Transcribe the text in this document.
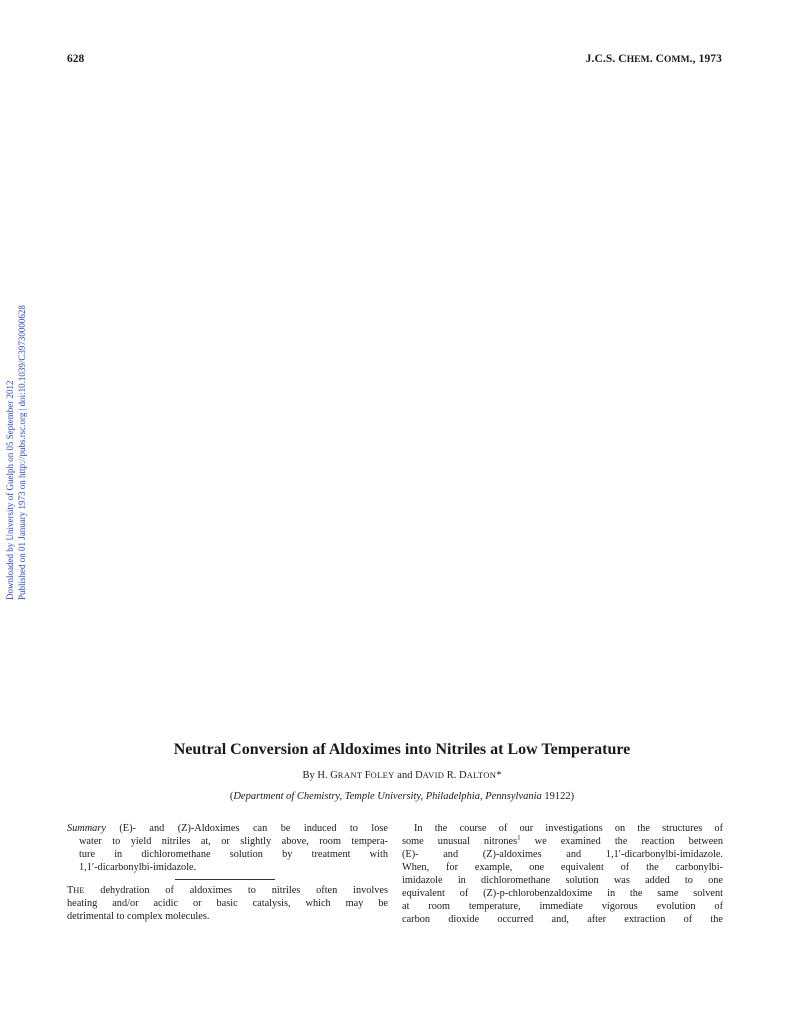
628	J.C.S. CHEM. COMM., 1973
Downloaded by University of Guelph on 05 September 2012 Published on 01 January 1973 on http://pubs.rsc.org | doi:10.1039/C39730000628
Neutral Conversion af Aldoximes into Nitriles at Low Temperature
By H. GRANT FOLEY and DAVID R. DALTON*
(Department of Chemistry, Temple University, Philadelphia, Pennsylvania 19122)
Summary (E)- and (Z)-Aldoximes can be induced to lose
water to yield nitriles at, or slightly above, room tempera-
ture in dichloromethane solution by treatment with
1,1′-dicarbonylbi-imidazole.
THE dehydration of aldoximes to nitriles often involves
heating and/or acidic or basic catalysis, which may be
detrimental to complex molecules.
In the course of our investigations on the structures of
some unusual nitrones$^1$ we examined the reaction between
(E)- and (Z)-aldoximes and 1,1′-dicarbonylbi-imidazole.
When, for example, one equivalent of the carbonylbi-
imidazole in dichloromethane solution was added to one
equivalent of (Z)-p-chlorobenzaldoxime in the same solvent
at room temperature, immediate vigorous evolution of
carbon dioxide occurred and, after extraction of the
